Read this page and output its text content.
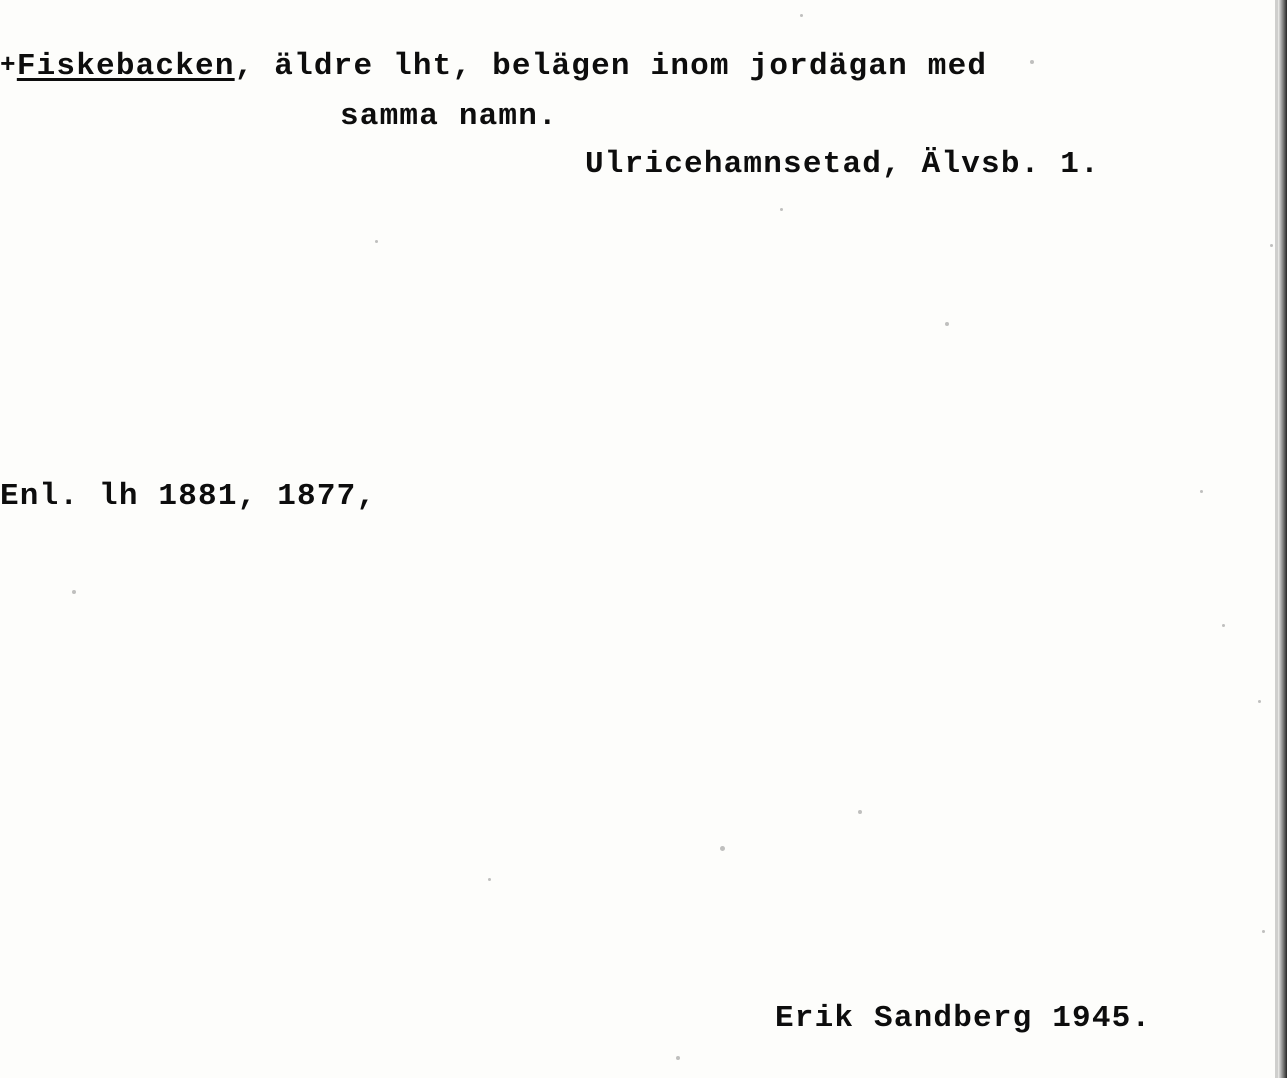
+Fiskebacken, äldre lht, belägen inom jordägan med
samma namn.
Ulricehamnsetad, Älvsb. 1.
Enl. lh 1881, 1877,
Erik Sandberg 1945.
